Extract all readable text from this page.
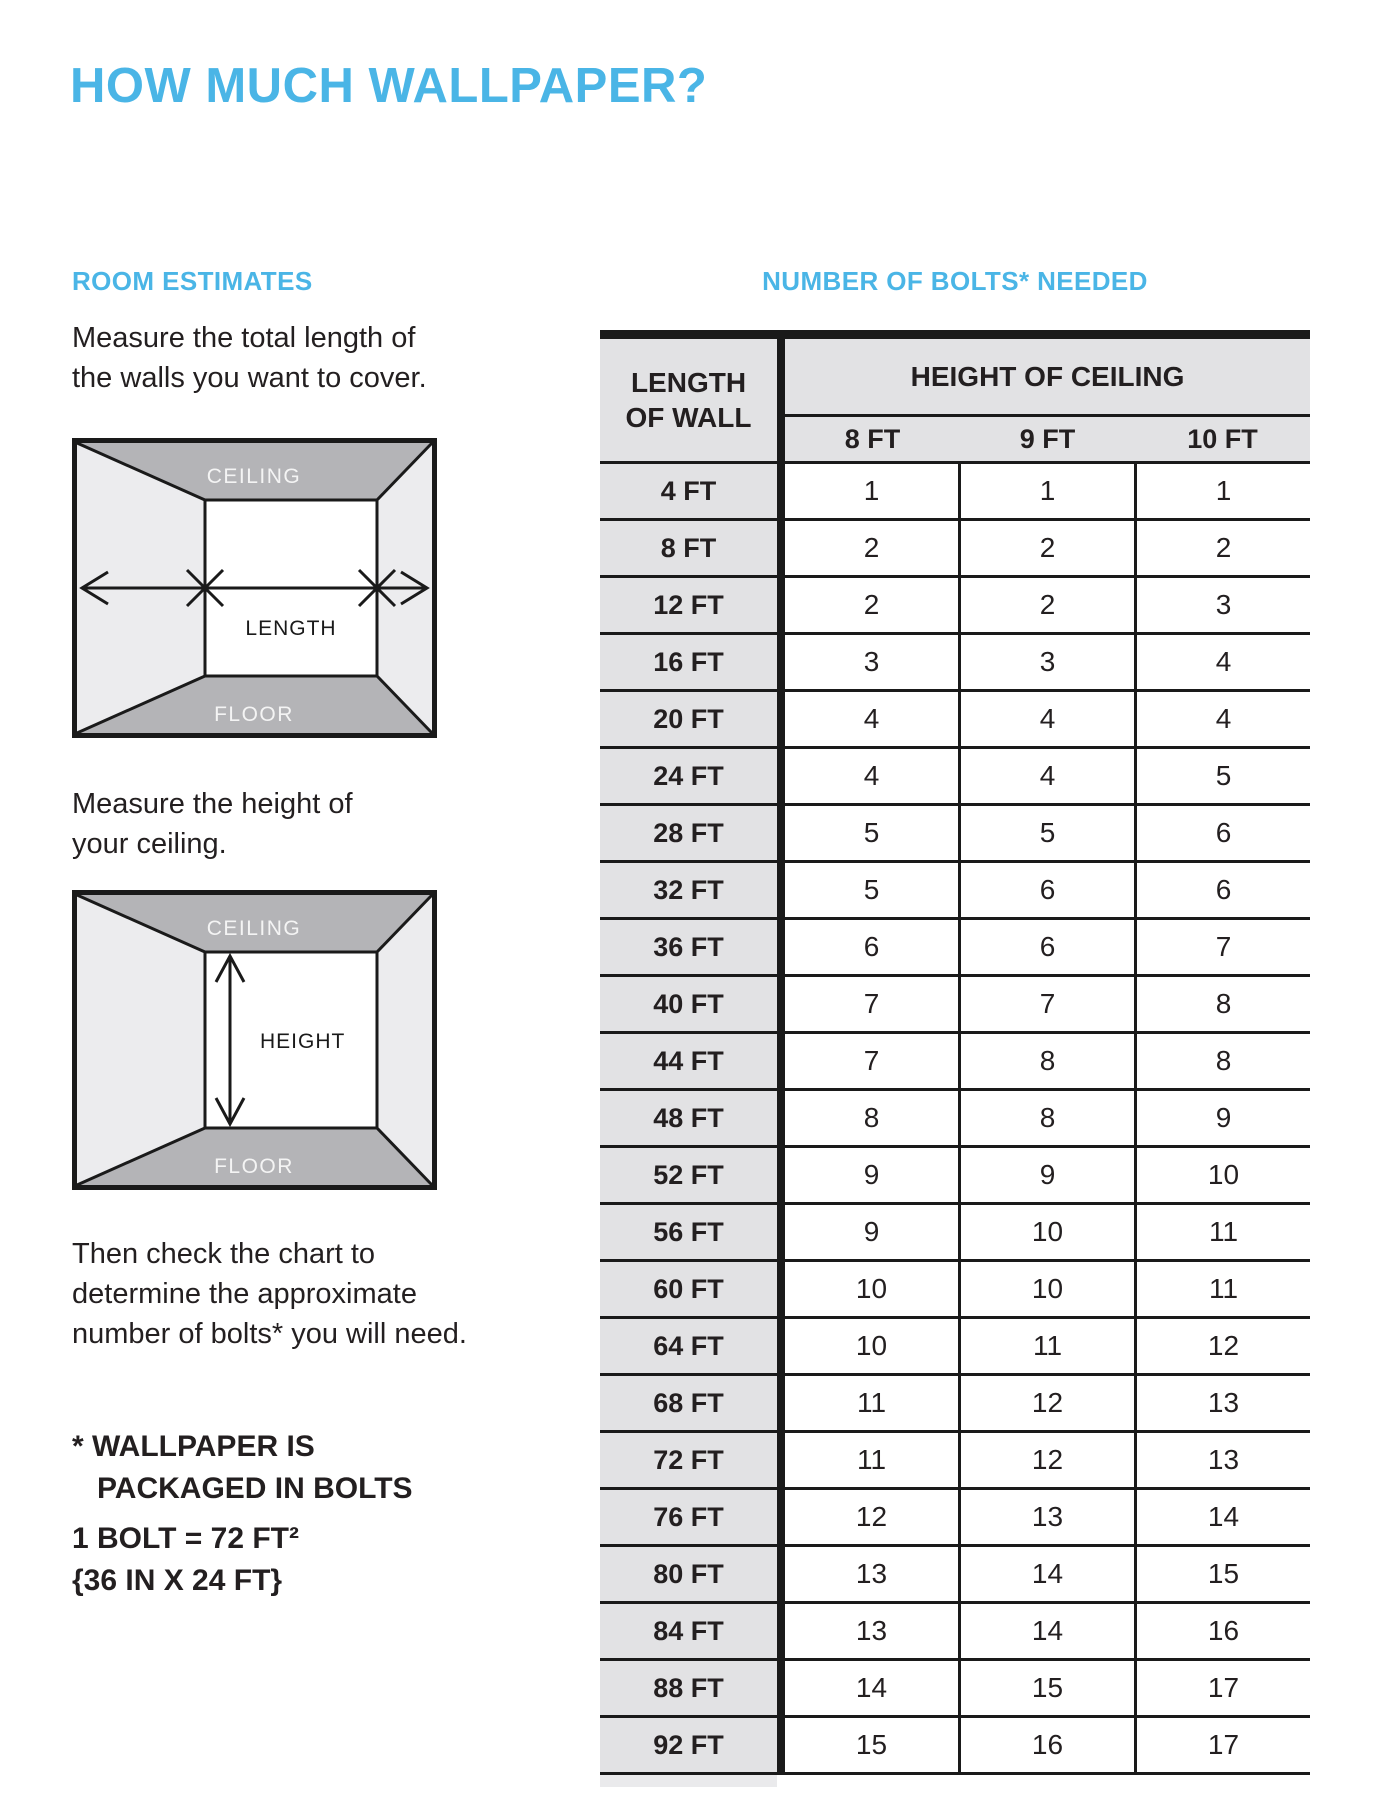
HOW MUCH WALLPAPER?
ROOM ESTIMATES	NUMBER OF BOLTS* NEEDED
Measure the total length of
the walls you want to cover.
CEILING
FLOOR
LENGTH
Measure the height of
your ceiling.
CEILING
FLOOR
HEIGHT
Then check the chart to
determine the approximate
number of bolts* you will need.
* WALLPAPER IS
PACKAGED IN BOLTS
1 BOLT = 72 FT²
{36 IN X 24 FT}
LENGTH
OF WALL
HEIGHT OF CEILING
8 FT	9 FT	10 FT
4 FT	1	1	1
8 FT	2	2	2
12 FT	2	2	3
16 FT	3	3	4
20 FT	4	4	4
24 FT	4	4	5
28 FT	5	5	6
32 FT	5	6	6
36 FT	6	6	7
40 FT	7	7	8
44 FT	7	8	8
48 FT	8	8	9
52 FT	9	9	10
56 FT	9	10	11
60 FT	10	10	11
64 FT	10	11	12
68 FT	11	12	13
72 FT	11	12	13
76 FT	12	13	14
80 FT	13	14	15
84 FT	13	14	16
88 FT	14	15	17
92 FT	15	16	17
